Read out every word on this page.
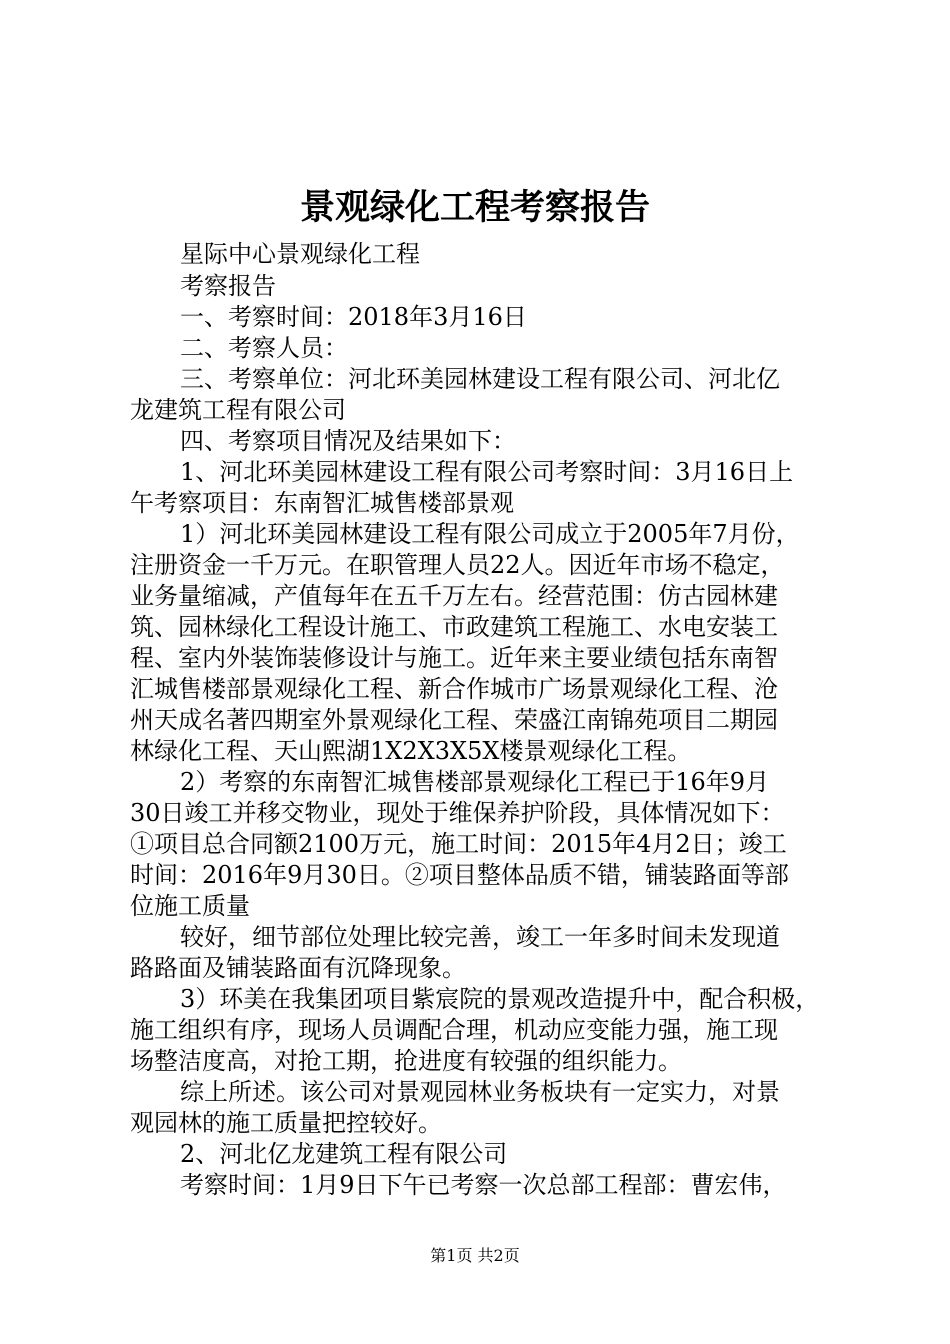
景观绿化工程考察报告
星际中心景观绿化工程
考察报告
一、考察时间：2018年3月16日
二、考察人员：
三、考察单位：河北环美园林建设工程有限公司、河北亿
龙建筑工程有限公司
四、考察项目情况及结果如下：
1、河北环美园林建设工程有限公司考察时间：3月16日上
午考察项目：东南智汇城售楼部景观
1）河北环美园林建设工程有限公司成立于2005年7月份，
注册资金一千万元。在职管理人员22人。因近年市场不稳定，
业务量缩减，产值每年在五千万左右。经营范围：仿古园林建
筑、园林绿化工程设计施工、市政建筑工程施工、水电安装工
程、室内外装饰装修设计与施工。近年来主要业绩包括东南智
汇城售楼部景观绿化工程、新合作城市广场景观绿化工程、沧
州天成名著四期室外景观绿化工程、荣盛江南锦苑项目二期园
林绿化工程、天山熙湖1X2X3X5X楼景观绿化工程。
2）考察的东南智汇城售楼部景观绿化工程已于16年9月
30日竣工并移交物业，现处于维保养护阶段，具体情况如下：
①项目总合同额2100万元，施工时间：2015年4月2日；竣工
时间：2016年9月30日。②项目整体品质不错，铺装路面等部
位施工质量
较好，细节部位处理比较完善，竣工一年多时间未发现道
路路面及铺装路面有沉降现象。
3）环美在我集团项目紫宸院的景观改造提升中，配合积极，
施工组织有序，现场人员调配合理，机动应变能力强，施工现
场整洁度高，对抢工期，抢进度有较强的组织能力。
综上所述。该公司对景观园林业务板块有一定实力，对景
观园林的施工质量把控较好。
2、河北亿龙建筑工程有限公司
考察时间：1月9日下午已考察一次总部工程部：曹宏伟，
第1页 共2页
